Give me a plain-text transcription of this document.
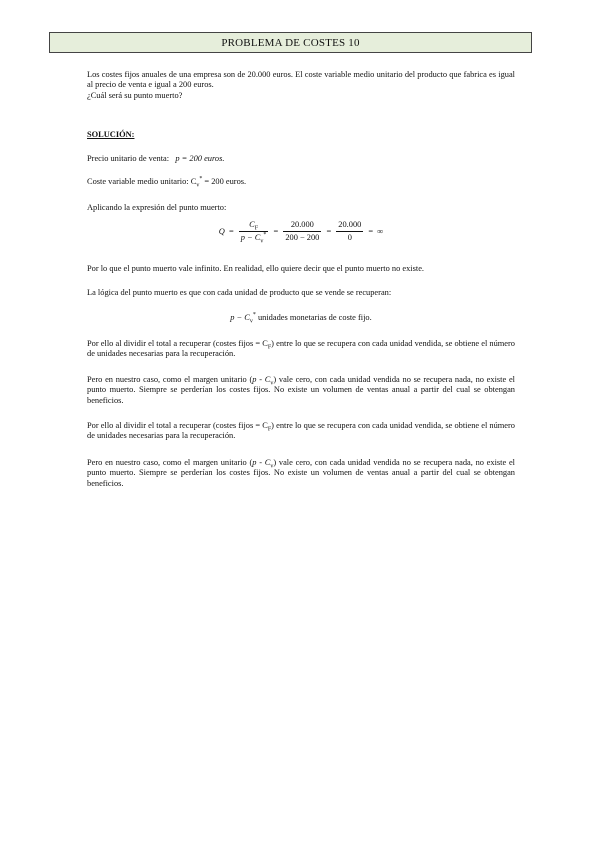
PROBLEMA DE COSTES 10
Los costes fijos anuales de una empresa son de 20.000 euros. El coste variable medio unitario del producto que fabrica es igual al precio de venta e igual a 200 euros.
¿Cuál será su punto muerto?
SOLUCIÓN:
Precio unitario de venta: p = 200 euros.
Coste variable medio unitario: $C_v^* = 200$ euros.
Aplicando la expresión del punto muerto:
$Q = \frac{C_F}{p - C_v^*} = \frac{20.000}{200 - 200} = \frac{20.000}{0}$ = ∞
Por lo que el punto muerto vale infinito. En realidad, ello quiere decir que el punto muerto no existe.
La lógica del punto muerto es que con cada unidad de producto que se vende se recuperan:
$p - C_v^*$ unidades monetarias de coste fijo.
Por ello al dividir el total a recuperar (costes fijos = $C_F$) entre lo que se recupera con cada unidad vendida, se obtiene el número de unidades necesarias para la recuperación.
Pero en nuestro caso, como el margen unitario $(p - C_v)$ vale cero, con cada unidad vendida no se recupera nada, no existe el punto muerto. Siempre se perderían los costes fijos. No existe un volumen de ventas anual a partir del cual se obtengan beneficios.
Por ello al dividir el total a recuperar (costes fijos = $C_F$) entre lo que se recupera con cada unidad vendida, se obtiene el número de unidades necesarias para la recuperación.
Pero en nuestro caso, como el margen unitario $(p - C_v)$ vale cero, con cada unidad vendida no se recupera nada, no existe el punto muerto. Siempre se perderían los costes fijos. No existe un volumen de ventas anual a partir del cual se obtengan beneficios.
